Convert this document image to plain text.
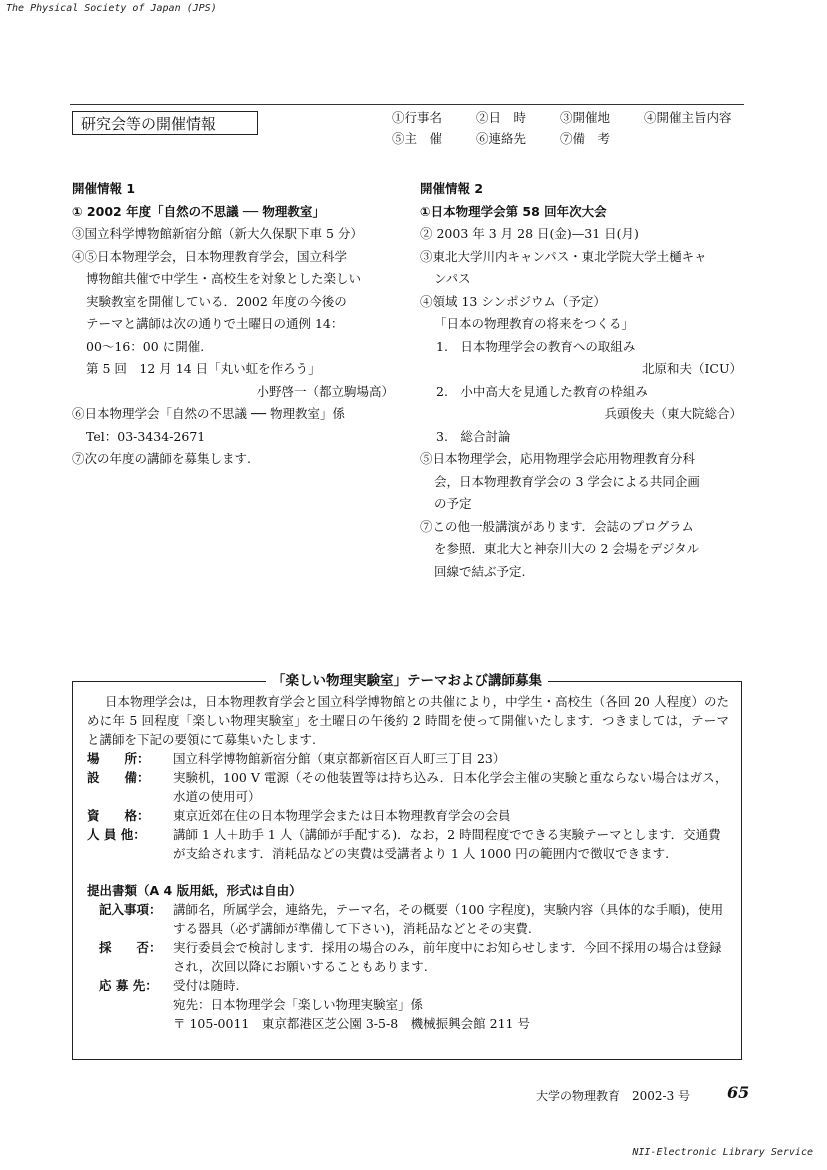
The Physical Society of Japan (JPS)
研究会等の開催情報	①行事名	②日　時	③開催地	④開催主旨内容
⑤主　催	⑥連絡先	⑦備　考

開催情報 1

① 2002 年度「自然の不思議 ── 物理教室」

③国立科学博物館新宿分館（新大久保駅下車 5 分）

④⑤日本物理学会，日本物理教育学会，国立科学

博物館共催で中学生・高校生を対象とした楽しい

実験教室を開催している．2002 年度の今後の

テーマと講師は次の通りで土曜日の通例 14：

00〜16：00 に開催.

第 5 回　12 月 14 日「丸い虹を作ろう」

小野啓一（都立駒場高）

⑥日本物理学会「自然の不思議 ── 物理教室」係

Tel：03-3434-2671

⑦次の年度の講師を募集します.

開催情報 2

①日本物理学会第 58 回年次大会

② 2003 年 3 月 28 日(金)—31 日(月)

③東北大学川内キャンパス・東北学院大学土樋キャ

ンパス

④領域 13 シンポジウム（予定）

「日本の物理教育の将来をつくる」

1.　日本物理学会の教育への取組み

北原和夫（ICU）

2.　小中高大を見通した教育の枠組み

兵頭俊夫（東大院総合）

3.　総合討論

⑤日本物理学会，応用物理学会応用物理教育分科

会，日本物理教育学会の 3 学会による共同企画

の予定

⑦この他一般講演があります．会誌のプログラム

を参照．東北大と神奈川大の 2 会場をデジタル

回線で結ぶ予定.

「楽しい物理実験室」テーマおよび講師募集

日本物理学会は，日本物理教育学会と国立科学博物館との共催により，中学生・高校生（各回 20 人程度）のために年 5 回程度「楽しい物理実験室」を土曜日の午後約 2 時間を使って開催いたします．つきましては，テーマと講師を下記の要領にて募集いたします.

場　　所：	国立科学博物館新宿分館（東京都新宿区百人町三丁目 23）
設　　備：	実験机，100 V 電源（その他装置等は持ち込み．日本化学会主催の実験と重ならない場合はガス，水道の使用可）
資　　格：	東京近郊在住の日本物理学会または日本物理教育学会の会員
人 員 他：	講師 1 人＋助手 1 人（講師が手配する)．なお，2 時間程度でできる実験テーマとします．交通費が支給されます．消耗品などの実費は受講者より 1 人 1000 円の範囲内で徴収できます.

提出書類（A 4 版用紙，形式は自由）

記入事項： 講師名，所属学会，連絡先，テーマ名，その概要（100 字程度)，実験内容（具体的な手順)，使用する器具（必ず講師が準備して下さい)，消耗品などとその実費.
採　　否： 実行委員会で検討します．採用の場合のみ，前年度中にお知らせします．今回不採用の場合は登録され，次回以降にお願いすることもあります.
応 募 先：	受付は随時.
宛先：日本物理学会「楽しい物理実験室」係
〒 105-0011　東京都港区芝公園 3-5-8　機械振興会館 211 号
大学の物理教育　2002-3 号 65
NII-Electronic Library Service
